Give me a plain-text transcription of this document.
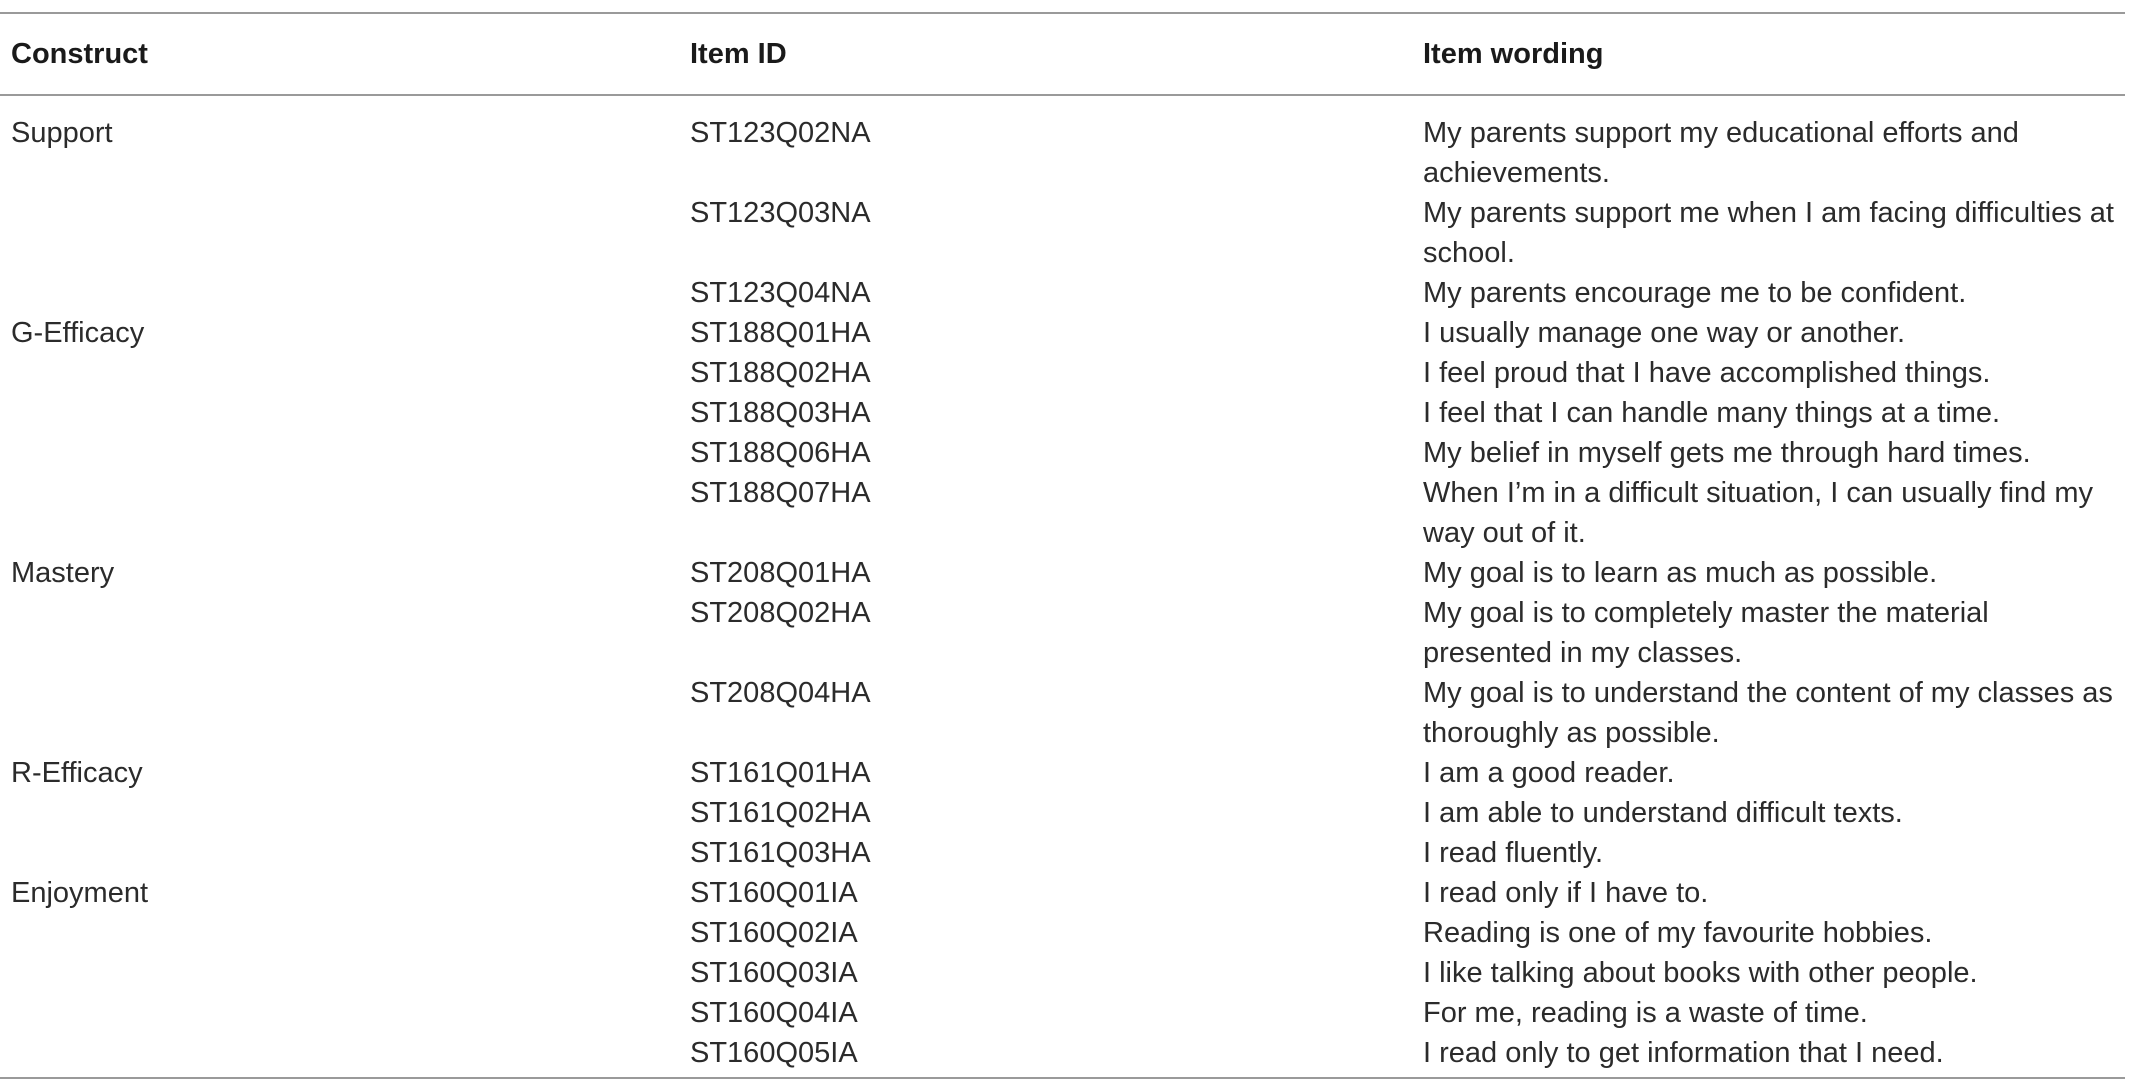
Construct	Item ID	Item wording
Support	ST123Q02NA	My parents support my educational efforts and achievements.
	ST123Q03NA	My parents support me when I am facing difficulties at school.
	ST123Q04NA	My parents encourage me to be confident.
G-Efficacy	ST188Q01HA	I usually manage one way or another.
	ST188Q02HA	I feel proud that I have accomplished things.
	ST188Q03HA	I feel that I can handle many things at a time.
	ST188Q06HA	My belief in myself gets me through hard times.
	ST188Q07HA	When I’m in a difficult situation, I can usually find my way out of it.
Mastery	ST208Q01HA	My goal is to learn as much as possible.
	ST208Q02HA	My goal is to completely master the material presented in my classes.
	ST208Q04HA	My goal is to understand the content of my classes as thoroughly as possible.
R-Efficacy	ST161Q01HA	I am a good reader.
	ST161Q02HA	I am able to understand difficult texts.
	ST161Q03HA	I read fluently.
Enjoyment	ST160Q01IA	I read only if I have to.
	ST160Q02IA	Reading is one of my favourite hobbies.
	ST160Q03IA	I like talking about books with other people.
	ST160Q04IA	For me, reading is a waste of time.
	ST160Q05IA	I read only to get information that I need.
